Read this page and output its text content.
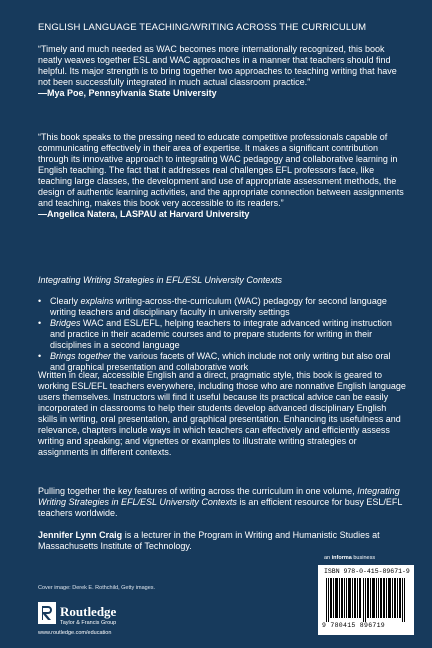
ENGLISH LANGUAGE TEACHING/WRITING ACROSS THE CURRICULUM

“Timely and much needed as WAC becomes more internationally recognized, this book neatly weaves together ESL and WAC approaches in a manner that teachers should find helpful. Its major strength is to bring together two approaches to teaching writing that have not been successfully integrated in much actual classroom practice.”
—Mya Poe, Pennsylvania State University
“This book speaks to the pressing need to educate competitive professionals capable of communicating effectively in their area of expertise. It makes a significant contribution through its innovative approach to integrating WAC pedagogy and collaborative learning in English teaching. The fact that it addresses real challenges EFL professors face, like teaching large classes, the development and use of appropriate assessment methods, the design of authentic learning activities, and the appropriate connection between assignments and teaching, makes this book very accessible to its readers.”
—Angelica Natera, LASPAU at Harvard University

Integrating Writing Strategies in EFL/ESL University Contexts

• Clearly explains writing-across-the-curriculum (WAC) pedagogy for second language writing teachers and disciplinary faculty in university settings
• Bridges WAC and ESL/EFL, helping teachers to integrate advanced writing instruction and practice in their academic courses and to prepare students for writing in their disciplines in a second language
• Brings together the various facets of WAC, which include not only writing but also oral and graphical presentation and collaborative work

Written in clear, accessible English and a direct, pragmatic style, this book is geared to working ESL/EFL teachers everywhere, including those who are nonnative English language users themselves. Instructors will find it useful because its practical advice can be easily incorporated in classrooms to help their students develop advanced disciplinary English skills in writing, oral presentation, and graphical presentation. Enhancing its usefulness and relevance, chapters include ways in which teachers can effectively and efficiently assess writing and speaking; and vignettes or examples to illustrate writing strategies or assignments in different contexts.

Pulling together the key features of writing across the curriculum in one volume, Integrating Writing Strategies in EFL/ESL University Contexts is an efficient resource for busy ESL/EFL teachers worldwide.

Jennifer Lynn Craig is a lecturer in the Program in Writing and Humanistic Studies at Massachusetts Institute of Technology.

an informa business
ISBN 978-0-415-89671-9
9 780415 896719
Cover image: Derek E. Rothchild, Getty images.
Routledge
Taylor & Francis Group
www.routledge.com/education
